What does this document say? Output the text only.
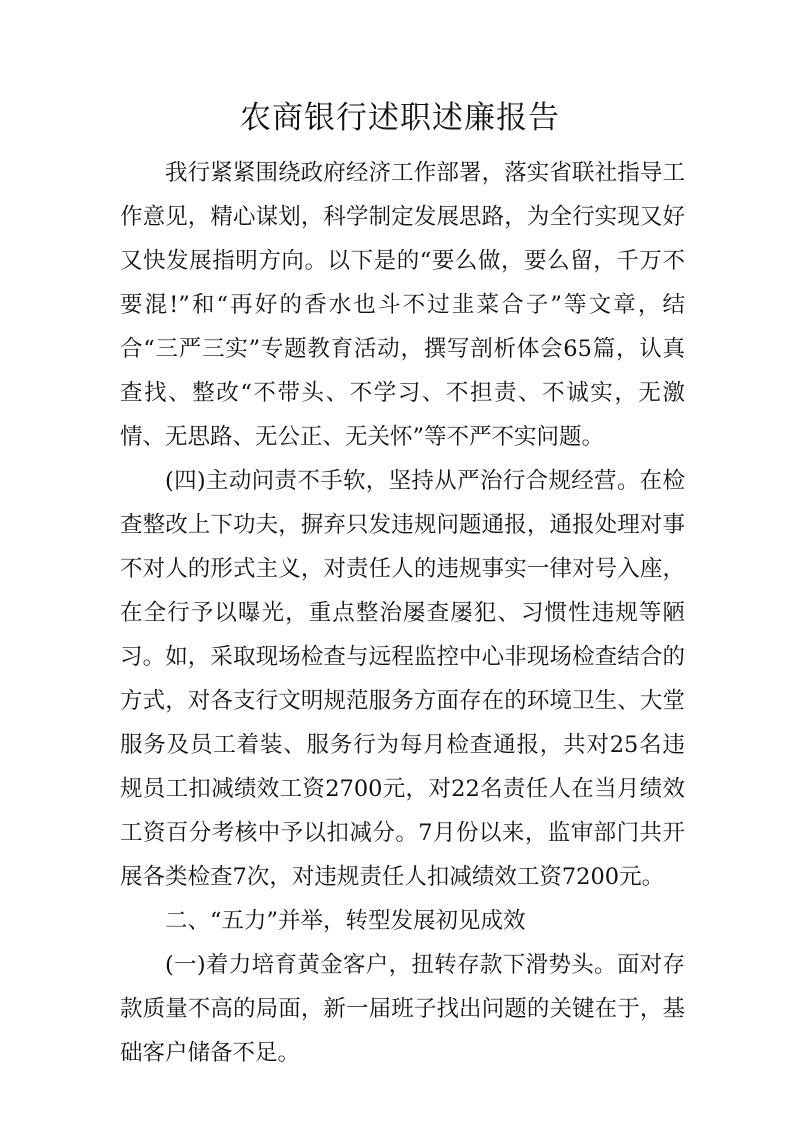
农商银行述职述廉报告

我行紧紧围绕政府经济工作部署，落实省联社指导工作意见，精心谋划，科学制定发展思路，为全行实现又好又快发展指明方向。以下是的“要么做，要么留，千万不要混!”和“再好的香水也斗不过韭菜合子”等文章，结合“三严三实”专题教育活动，撰写剖析体会65篇，认真查找、整改“不带头、不学习、不担责、不诚实，无激情、无思路、无公正、无关怀”等不严不实问题。

(四)主动问责不手软，坚持从严治行合规经营。在检查整改上下功夫，摒弃只发违规问题通报，通报处理对事不对人的形式主义，对责任人的违规事实一律对号入座，在全行予以曝光，重点整治屡查屡犯、习惯性违规等陋习。如，采取现场检查与远程监控中心非现场检查结合的方式，对各支行文明规范服务方面存在的环境卫生、大堂服务及员工着装、服务行为每月检查通报，共对25名违规员工扣减绩效工资2700元，对22名责任人在当月绩效工资百分考核中予以扣减分。7月份以来，监审部门共开展各类检查7次，对违规责任人扣减绩效工资7200元。

二、“五力”并举，转型发展初见成效

(一)着力培育黄金客户，扭转存款下滑势头。面对存款质量不高的局面，新一届班子找出问题的关键在于，基础客户储备不足。
